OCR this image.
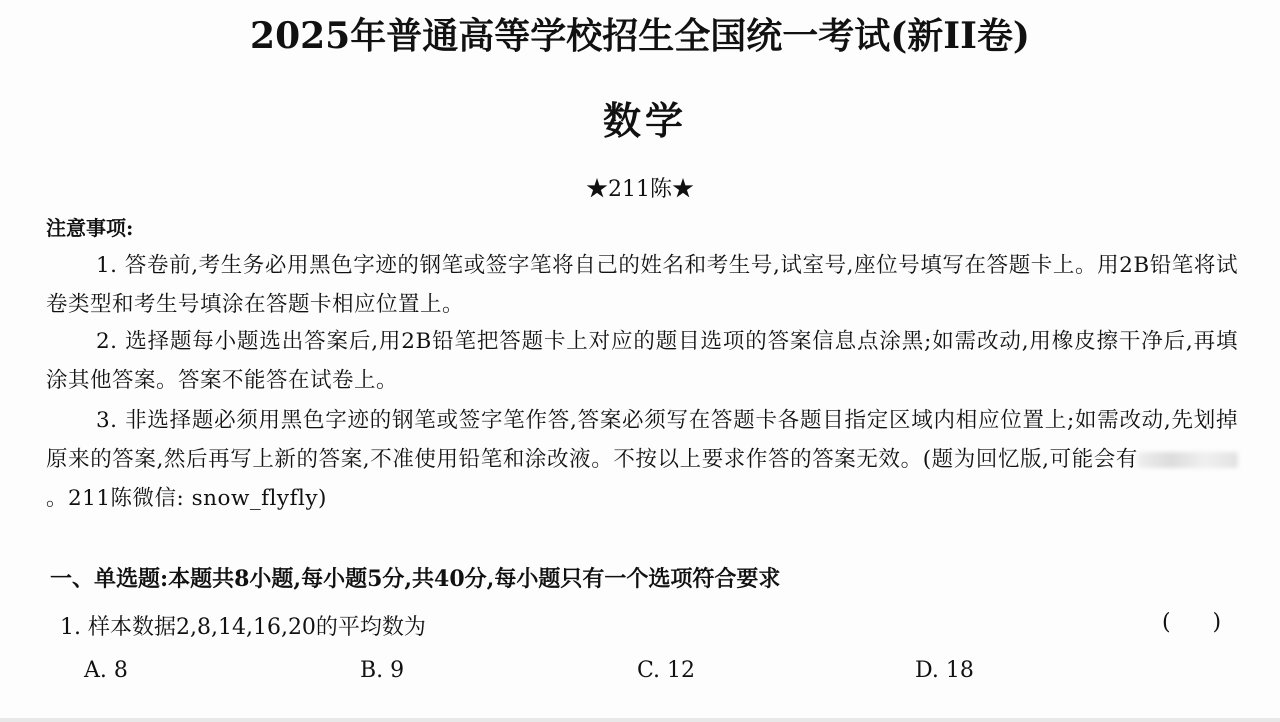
2025年普通高等学校招生全国统一考试(新II卷)
数学
★211陈★
注意事项:

1. 答卷前,考生务必用黑色字迹的钢笔或签字笔将自己的姓名和考生号,试室号,座位号填写在答题卡上。用2B铅笔将试卷类型和考生号填涂在答题卡相应位置上。

2. 选择题每小题选出答案后,用2B铅笔把答题卡上对应的题目选项的答案信息点涂黑;如需改动,用橡皮擦干净后,再填涂其他答案。答案不能答在试卷上。

3. 非选择题必须用黑色字迹的钢笔或签字笔作答,答案必须写在答题卡各题目指定区域内相应位置上;如需改动,先划掉原来的答案,然后再写上新的答案,不准使用铅笔和涂改液。不按以上要求作答的答案无效。(题为回忆版,可能会有。211陈微信: snow_flyfly)

一、单选题:本题共8小题,每小题5分,共40分,每小题只有一个选项符合要求
1. 样本数据2,8,14,16,20的平均数为	(      )
A. 8	B. 9	C. 12	D. 18
